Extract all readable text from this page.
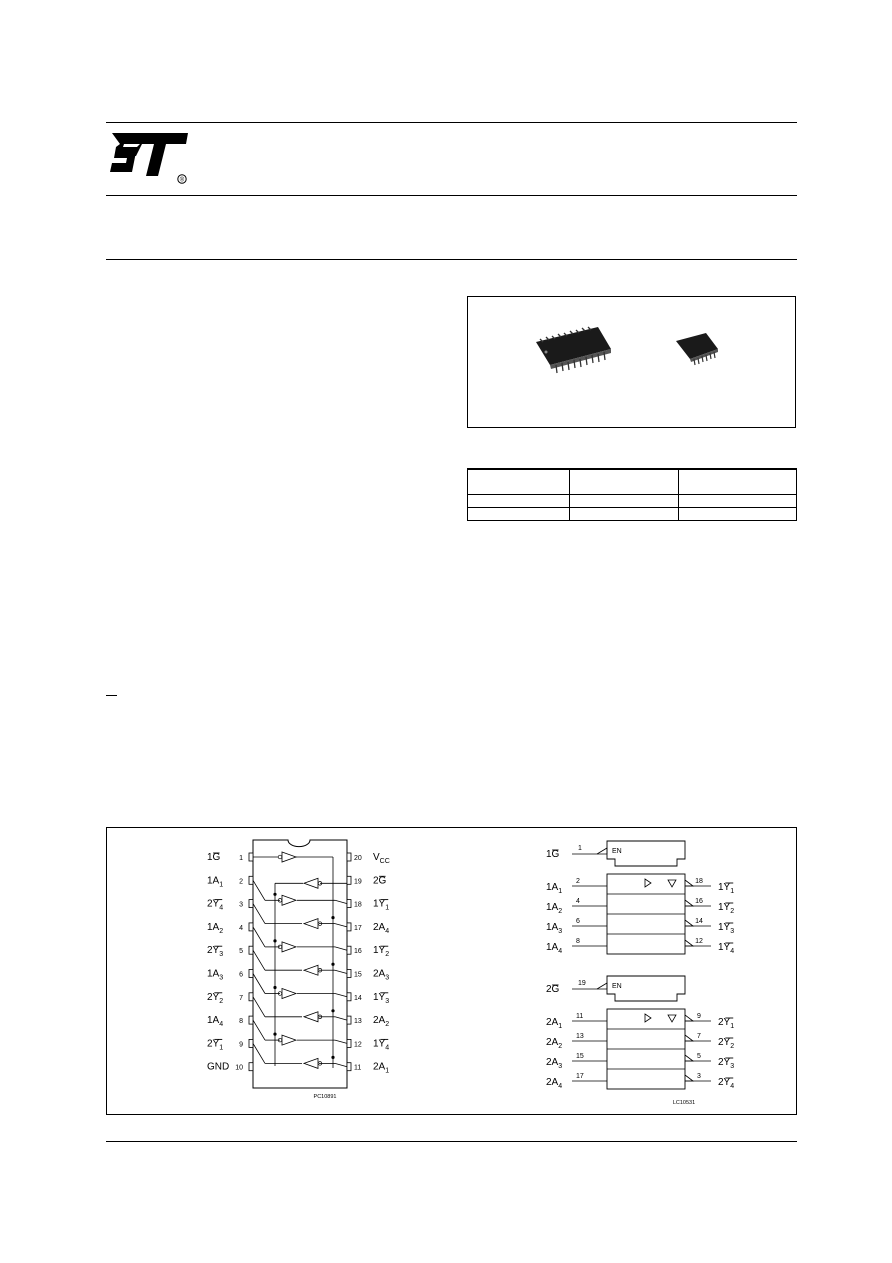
®

1
1G
2
$1A_1$
3
$2Y_4$
4
$1A_2$
5
$2Y_3$
6
$1A_3$
7
$2Y_2$
8
$1A_4$
9
$2Y_1$
10
GND
20 $V_{CC}$
19 2G
18 $1Y_1$
17 $2A_4$
16 $1Y_2$
15 $2A_3$
14 $1Y_3$
13 $2A_2$
12 $1Y_4$
11 $2A_1$
PC10891
EN
1
2
4
6
8
18
16
14
12
1G
$1A_1$
$1A_2$
$1A_3$
$1A_4$
$1Y_1$
$1Y_2$
$1Y_3$
$1Y_4$
EN
19
11
13
15
17
9
7
5
3
2G
$2A_1$
$2A_2$
$2A_3$
$2A_4$
$2Y_1$
$2Y_2$
$2Y_3$
$2Y_4$
LC10531
